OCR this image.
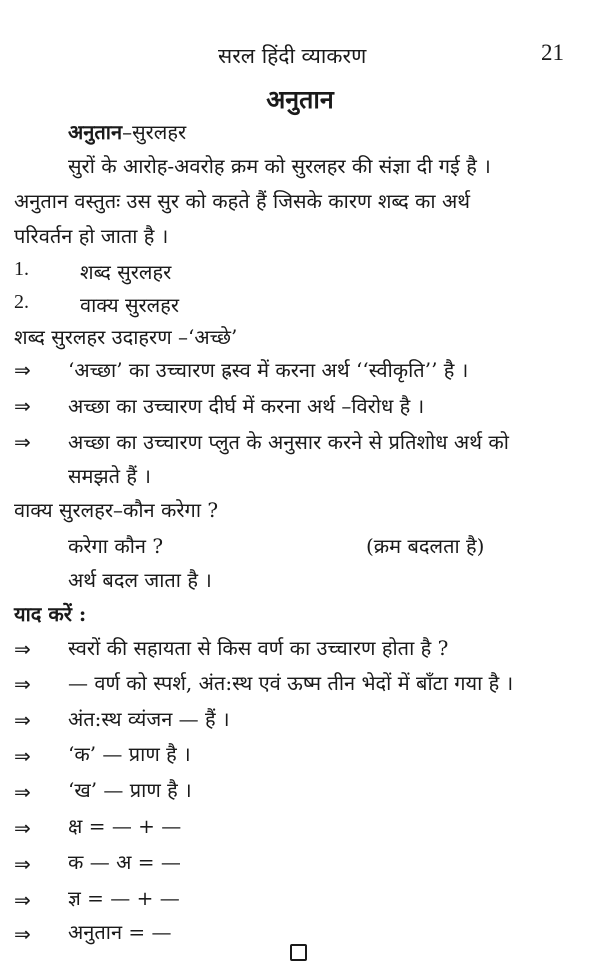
सरल हिंदी व्याकरण	21
अनुतान
अनुतान–सुरलहर
सुरों के आरोह-अवरोह क्रम को सुरलहर की संज्ञा दी गई है ।
अनुतान वस्तुतः उस सुर को कहते हैं जिसके कारण शब्द का अर्थ
परिवर्तन हो जाता है ।
1.	शब्द सुरलहर
2.	वाक्य सुरलहर
शब्द सुरलहर उदाहरण –‘अच्छे’
⇒ ‘अच्छा’ का उच्चारण ह्रस्व में करना अर्थ ‘‘स्वीकृति’’ है ।
⇒ अच्छा का उच्चारण दीर्घ में करना अर्थ –विरोध है ।
⇒ अच्छा का उच्चारण प्लुत के अनुसार करने से प्रतिशोध अर्थ को
समझते हैं ।
वाक्य सुरलहर–कौन करेगा ?
करेगा कौन ?	(क्रम बदलता है)
अर्थ बदल जाता है ।
याद करें :
⇒ स्वरों की सहायता से किस वर्ण का उच्चारण होता है ?
⇒ — वर्ण को स्पर्श, अंत:स्थ एवं ऊष्म तीन भेदों में बाँटा गया है ।
⇒ अंत:स्थ व्यंजन — हैं ।
⇒ ‘क’ — प्राण है ।
⇒ ‘ख’ — प्राण है ।
⇒ क्ष = — + —
⇒ क — अ = —
⇒ ज्ञ = — + —
⇒ अनुतान = —
